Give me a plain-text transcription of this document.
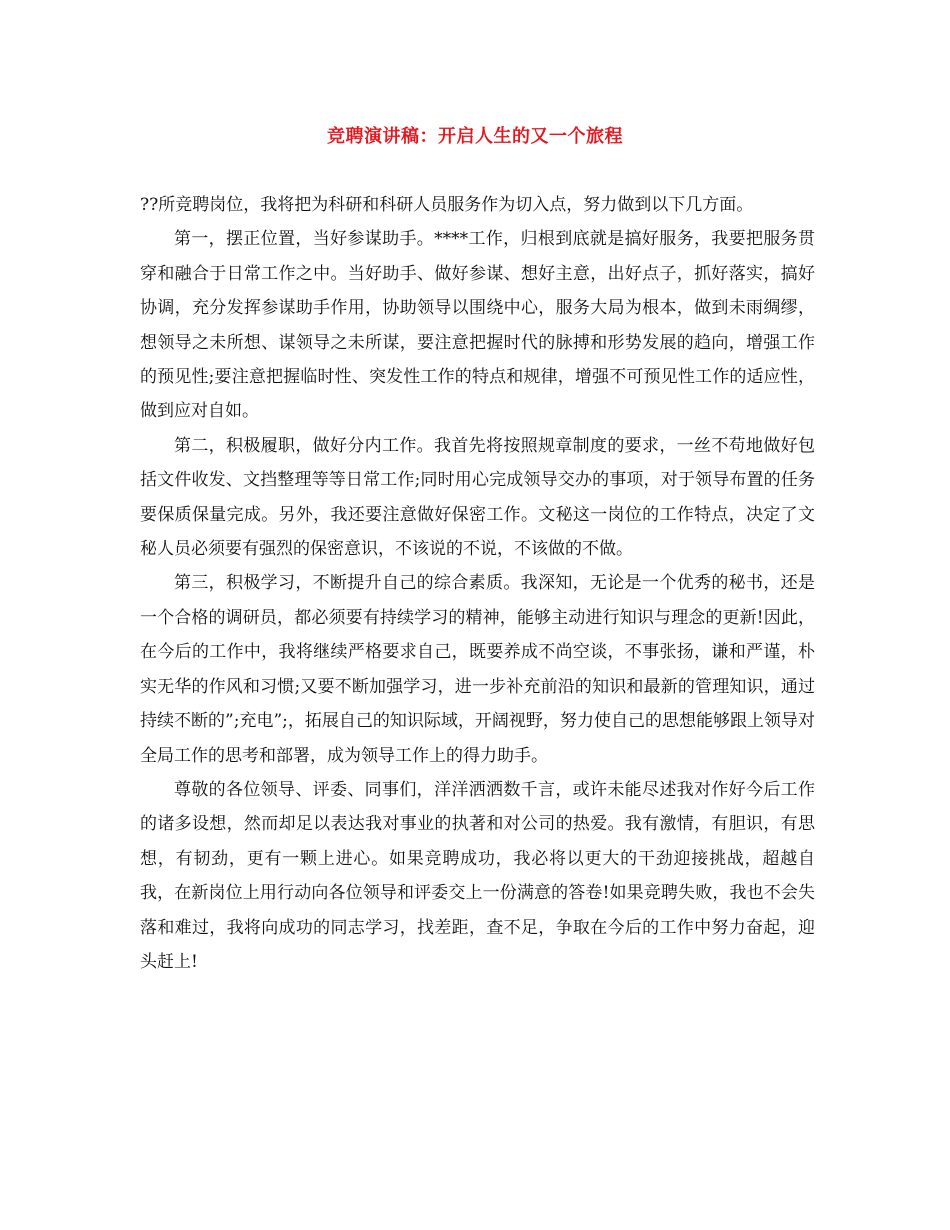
竞聘演讲稿：开启人生的又一个旅程

??所竞聘岗位，我将把为科研和科研人员服务作为切入点，努力做到以下几方面。

第一，摆正位置，当好参谋助手。****工作，归根到底就是搞好服务，我要把服务贯穿和融合于日常工作之中。当好助手、做好参谋、想好主意，出好点子，抓好落实，搞好协调，充分发挥参谋助手作用，协助领导以围绕中心，服务大局为根本，做到未雨绸缪，想领导之未所想、谋领导之未所谋，要注意把握时代的脉搏和形势发展的趋向，增强工作的预见性;要注意把握临时性、突发性工作的特点和规律，增强不可预见性工作的适应性，做到应对自如。

第二，积极履职，做好分内工作。我首先将按照规章制度的要求，一丝不苟地做好包括文件收发、文挡整理等等日常工作;同时用心完成领导交办的事项，对于领导布置的任务要保质保量完成。另外，我还要注意做好保密工作。文秘这一岗位的工作特点，决定了文秘人员必须要有强烈的保密意识，不该说的不说，不该做的不做。

第三，积极学习，不断提升自己的综合素质。我深知，无论是一个优秀的秘书，还是一个合格的调研员，都必须要有持续学习的精神，能够主动进行知识与理念的更新!因此，在今后的工作中，我将继续严格要求自己，既要养成不尚空谈，不事张扬，谦和严谨，朴实无华的作风和习惯;又要不断加强学习，进一步补充前沿的知识和最新的管理知识，通过持续不断的”;充电”;，拓展自己的知识际域，开阔视野，努力使自己的思想能够跟上领导对全局工作的思考和部署，成为领导工作上的得力助手。

尊敬的各位领导、评委、同事们，洋洋洒洒数千言，或许未能尽述我对作好今后工作的诸多设想，然而却足以表达我对事业的执著和对公司的热爱。我有激情，有胆识，有思想，有韧劲，更有一颗上进心。如果竞聘成功，我必将以更大的干劲迎接挑战，超越自我，在新岗位上用行动向各位领导和评委交上一份满意的答卷!如果竞聘失败，我也不会失落和难过，我将向成功的同志学习，找差距，查不足，争取在今后的工作中努力奋起，迎头赶上!
